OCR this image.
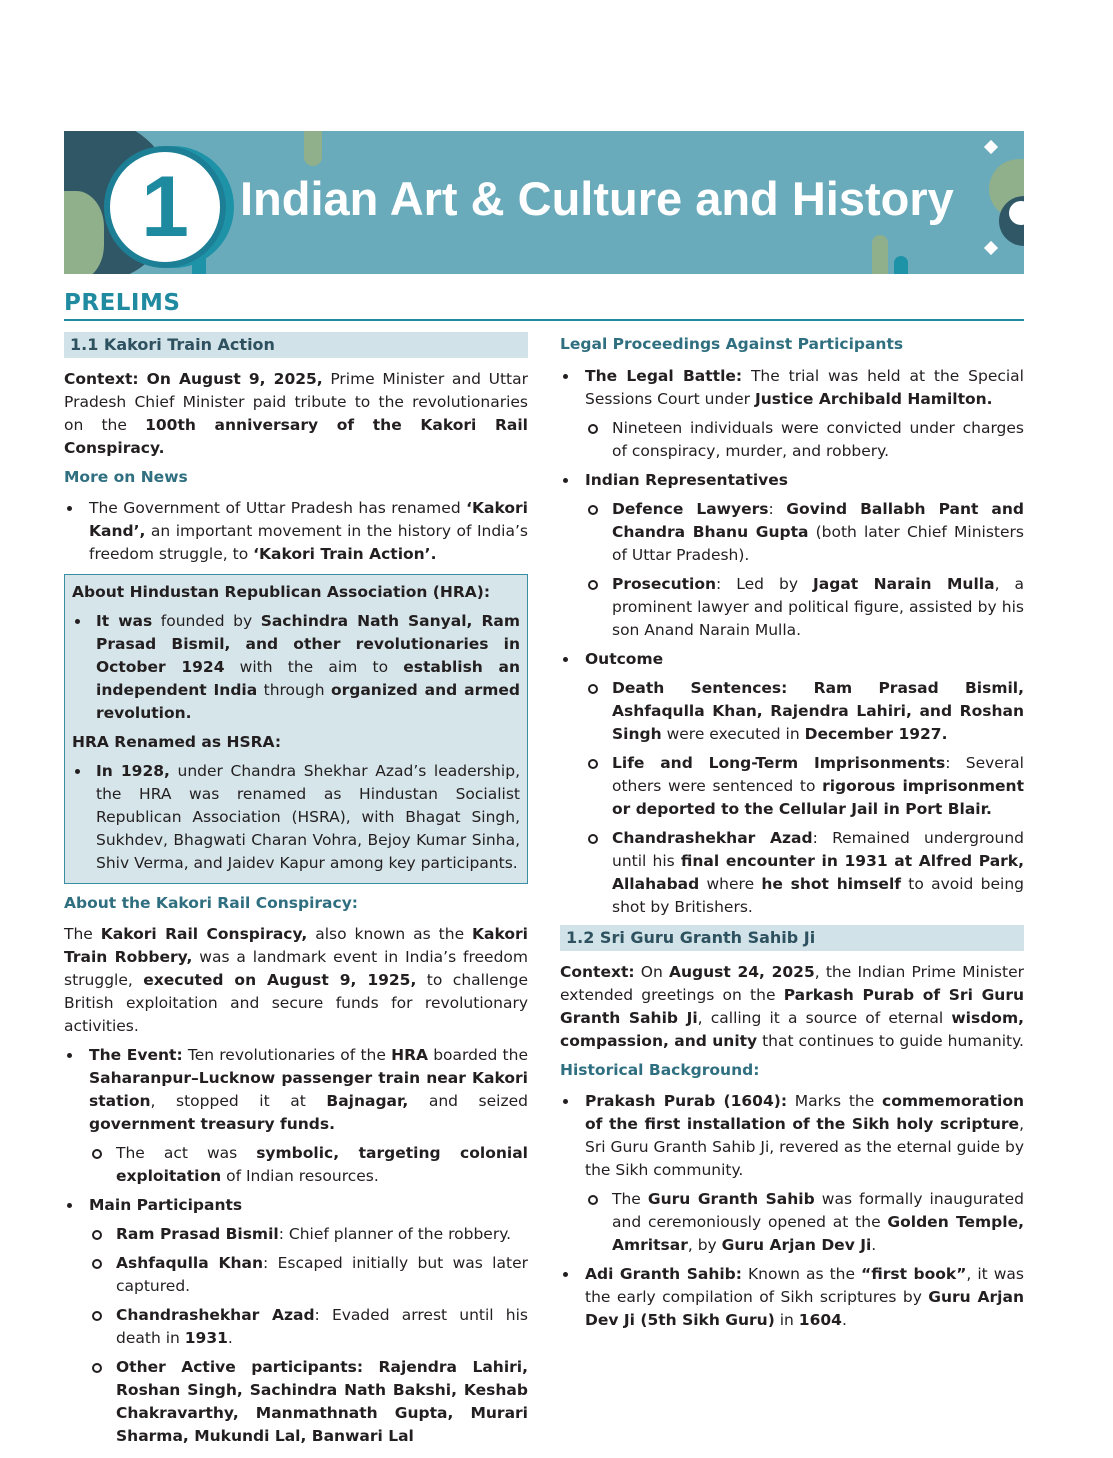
1	Indian Art & Culture and History
PRELIMS
1.1 Kakori Train Action

Context: On August 9, 2025, Prime Minister and Uttar Pradesh Chief Minister paid tribute to the revolutionaries on the 100th anniversary of the Kakori Rail Conspiracy.

More on News
The Government of Uttar Pradesh has renamed ‘Kakori Kand’, an important movement in the history of India’s freedom struggle, to ‘Kakori Train Action’.
About Hindustan Republican Association (HRA):
It was founded by Sachindra Nath Sanyal, Ram Prasad Bismil, and other revolutionaries in October 1924 with the aim to establish an independent India through organized and armed revolution.
HRA Renamed as HSRA:
In 1928, under Chandra Shekhar Azad’s leadership, the HRA was renamed as Hindustan Socialist Republican Association (HSRA), with Bhagat Singh, Sukhdev, Bhagwati Charan Vohra, Bejoy Kumar Sinha, Shiv Verma, and Jaidev Kapur among key participants.
About the Kakori Rail Conspiracy:

The Kakori Rail Conspiracy, also known as the Kakori Train Robbery, was a landmark event in India’s freedom struggle, executed on August 9, 1925, to challenge British exploitation and secure funds for revolutionary activities.

The Event: Ten revolutionaries of the HRA boarded the Saharanpur–Lucknow passenger train near Kakori station, stopped it at Bajnagar, and seized government treasury funds.
The act was symbolic, targeting colonial exploitation of Indian resources.
Main Participants
Ram Prasad Bismil: Chief planner of the robbery.
Ashfaqulla Khan: Escaped initially but was later captured.
Chandrashekhar Azad: Evaded arrest until his death in 1931.
Other Active participants: Rajendra Lahiri, Roshan Singh, Sachindra Nath Bakshi, Keshab Chakravarthy, Manmathnath Gupta, Murari Sharma, Mukundi Lal, Banwari Lal
Legal Proceedings Against Participants
The Legal Battle: The trial was held at the Special Sessions Court under Justice Archibald Hamilton.
Nineteen individuals were convicted under charges of conspiracy, murder, and robbery.
Indian Representatives
Defence Lawyers: Govind Ballabh Pant and Chandra Bhanu Gupta (both later Chief Ministers of Uttar Pradesh).
Prosecution: Led by Jagat Narain Mulla, a prominent lawyer and political figure, assisted by his son Anand Narain Mulla.
Outcome
Death Sentences: Ram Prasad Bismil, Ashfaqulla Khan, Rajendra Lahiri, and Roshan Singh were executed in December 1927.
Life and Long-Term Imprisonments: Several others were sentenced to rigorous imprisonment or deported to the Cellular Jail in Port Blair.
Chandrashekhar Azad: Remained underground until his final encounter in 1931 at Alfred Park, Allahabad where he shot himself to avoid being shot by Britishers.
1.2 Sri Guru Granth Sahib Ji

Context: On August 24, 2025, the Indian Prime Minister extended greetings on the Parkash Purab of Sri Guru Granth Sahib Ji, calling it a source of eternal wisdom, compassion, and unity that continues to guide humanity.

Historical Background:
Prakash Purab (1604): Marks the commemoration of the first installation of the Sikh holy scripture, Sri Guru Granth Sahib Ji, revered as the eternal guide by the Sikh community.
The Guru Granth Sahib was formally inaugurated and ceremoniously opened at the Golden Temple, Amritsar, by Guru Arjan Dev Ji.
Adi Granth Sahib: Known as the “first book”, it was the early compilation of Sikh scriptures by Guru Arjan Dev Ji (5th Sikh Guru) in 1604.
